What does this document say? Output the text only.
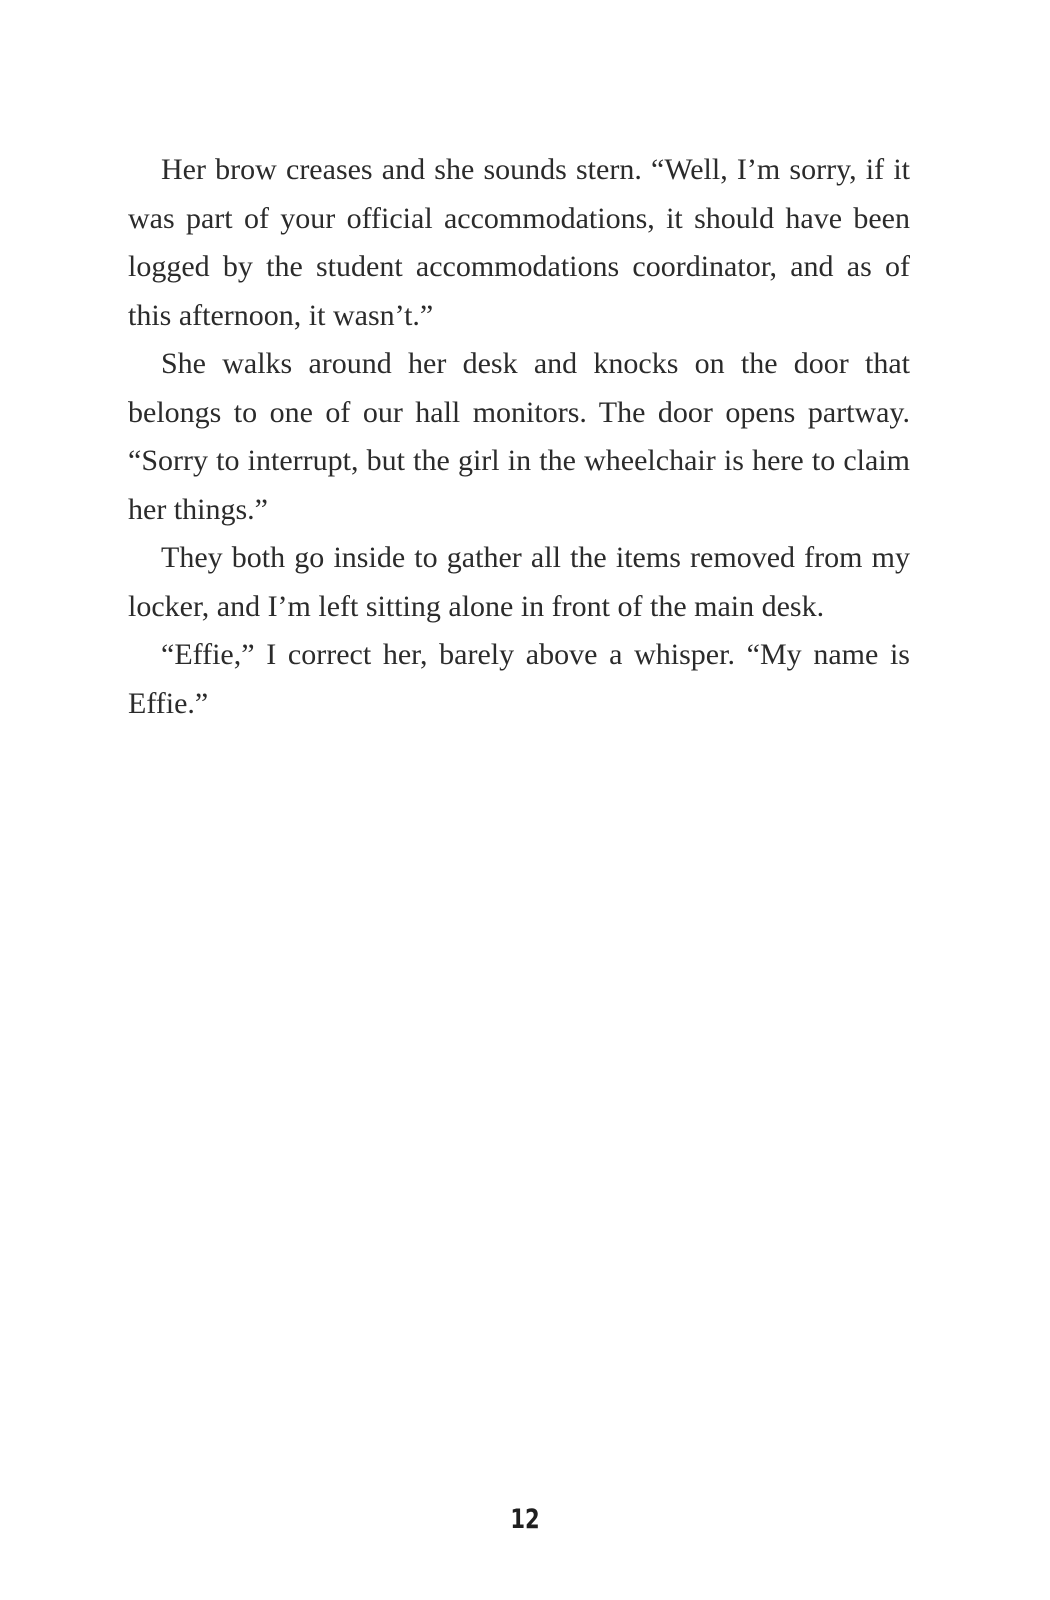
Her brow creases and she sounds stern. “Well, I’m sorry, if it was part of your official accommodations, it should have been logged by the student accommodations coordinator, and as of this afternoon, it wasn’t.”

She walks around her desk and knocks on the door that belongs to one of our hall monitors. The door opens partway. “Sorry to interrupt, but the girl in the wheelchair is here to claim her things.”

They both go inside to gather all the items removed from my locker, and I’m left sitting alone in front of the main desk.

“Effie,” I correct her, barely above a whisper. “My name is Effie.”

12
